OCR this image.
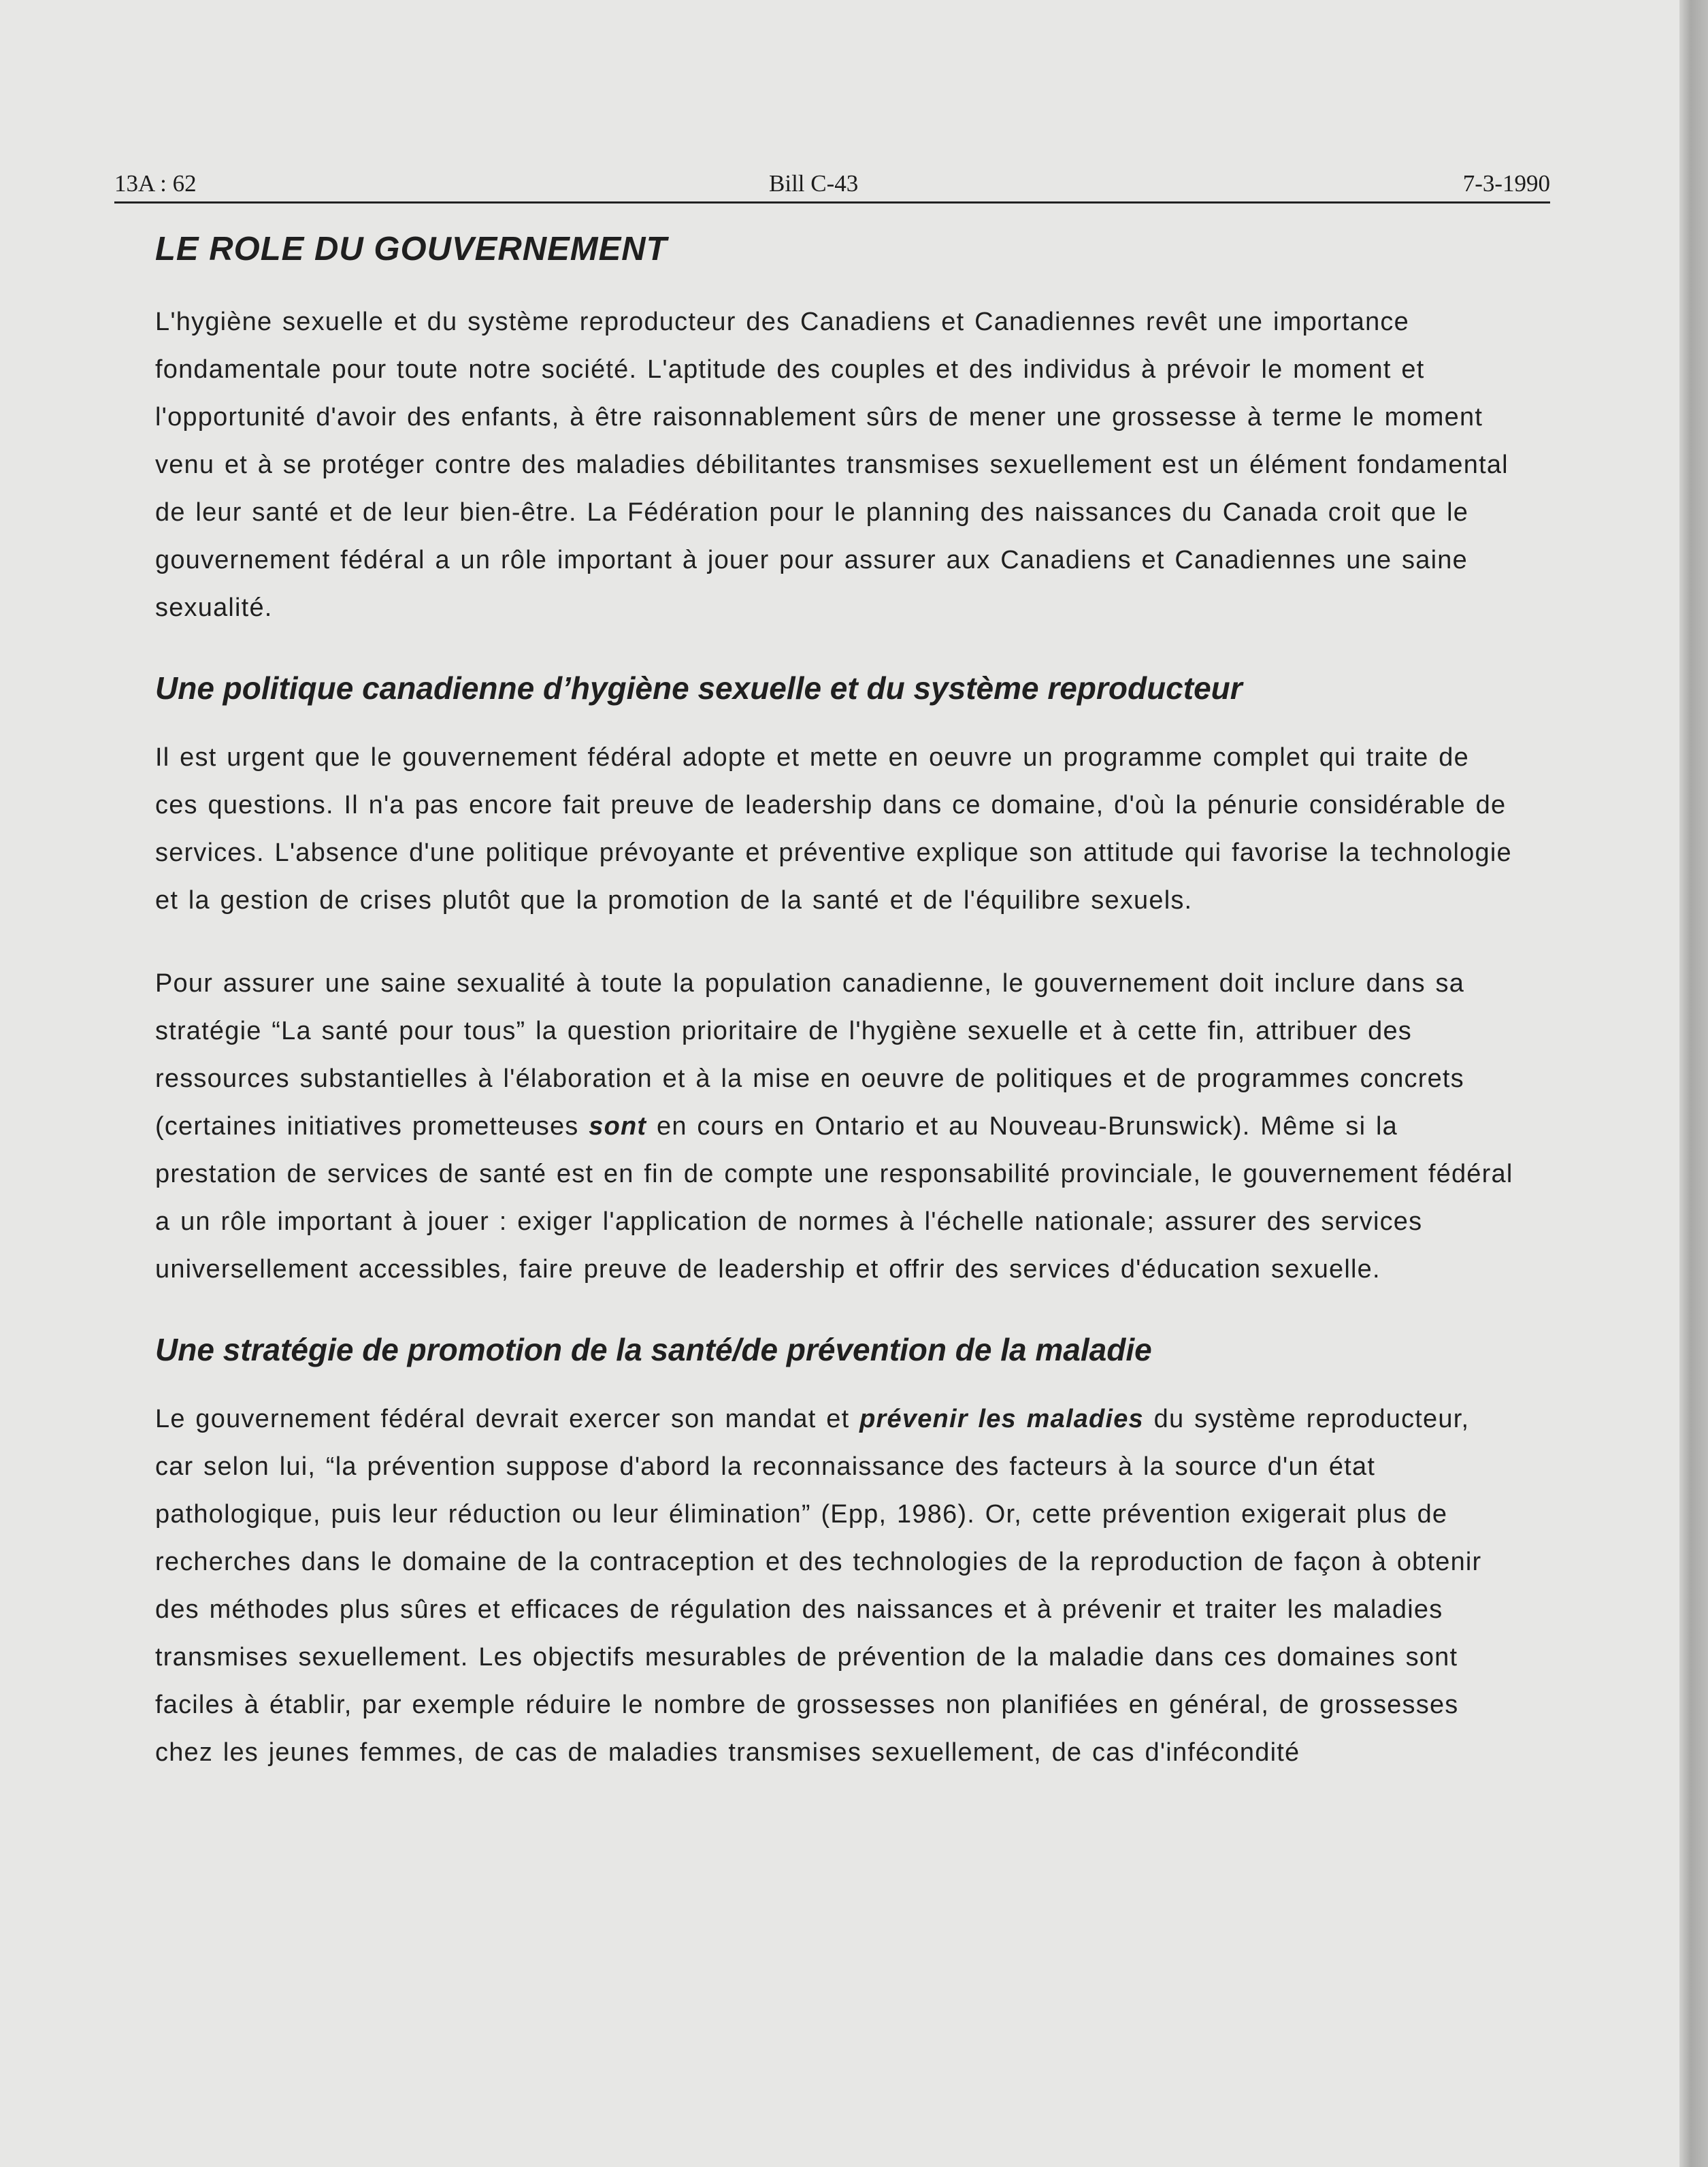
13A : 62	Bill C-43	7-3-1990
LE ROLE DU GOUVERNEMENT

L'hygiène sexuelle et du système reproducteur des Canadiens et Canadiennes revêt une importance fondamentale pour toute notre société. L'aptitude des couples et des individus à prévoir le moment et l'opportunité d'avoir des enfants, à être raisonnablement sûrs de mener une grossesse à terme le moment venu et à se protéger contre des maladies débilitantes transmises sexuellement est un élément fondamental de leur santé et de leur bien-être. La Fédération pour le planning des naissances du Canada croit que le gouvernement fédéral a un rôle important à jouer pour assurer aux Canadiens et Canadiennes une saine sexualité.

Une politique canadienne d’hygiène sexuelle et du système reproducteur

Il est urgent que le gouvernement fédéral adopte et mette en oeuvre un programme complet qui traite de ces questions. Il n'a pas encore fait preuve de leadership dans ce domaine, d'où la pénurie considérable de services. L'absence d'une politique prévoyante et préventive explique son attitude qui favorise la technologie et la gestion de crises plutôt que la promotion de la santé et de l'équilibre sexuels.

Pour assurer une saine sexualité à toute la population canadienne, le gouvernement doit inclure dans sa stratégie “La santé pour tous” la question prioritaire de l'hygiène sexuelle et à cette fin, attribuer des ressources substantielles à l'élaboration et à la mise en oeuvre de politiques et de programmes concrets (certaines initiatives prometteuses sont en cours en Ontario et au Nouveau-Brunswick). Même si la prestation de services de santé est en fin de compte une responsabilité provinciale, le gouvernement fédéral a un rôle important à jouer : exiger l'application de normes à l'échelle nationale; assurer des services universellement accessibles, faire preuve de leadership et offrir des services d'éducation sexuelle.

Une stratégie de promotion de la santé/de prévention de la maladie

Le gouvernement fédéral devrait exercer son mandat et prévenir les maladies du système reproducteur, car selon lui, “la prévention suppose d'abord la reconnaissance des facteurs à la source d'un état pathologique, puis leur réduction ou leur élimination” (Epp, 1986). Or, cette prévention exigerait plus de recherches dans le domaine de la contraception et des technologies de la reproduction de façon à obtenir des méthodes plus sûres et efficaces de régulation des naissances et à prévenir et traiter les maladies transmises sexuellement. Les objectifs mesurables de prévention de la maladie dans ces domaines sont faciles à établir, par exemple réduire le nombre de grossesses non planifiées en général, de grossesses chez les jeunes femmes, de cas de maladies transmises sexuellement, de cas d'infécondité
